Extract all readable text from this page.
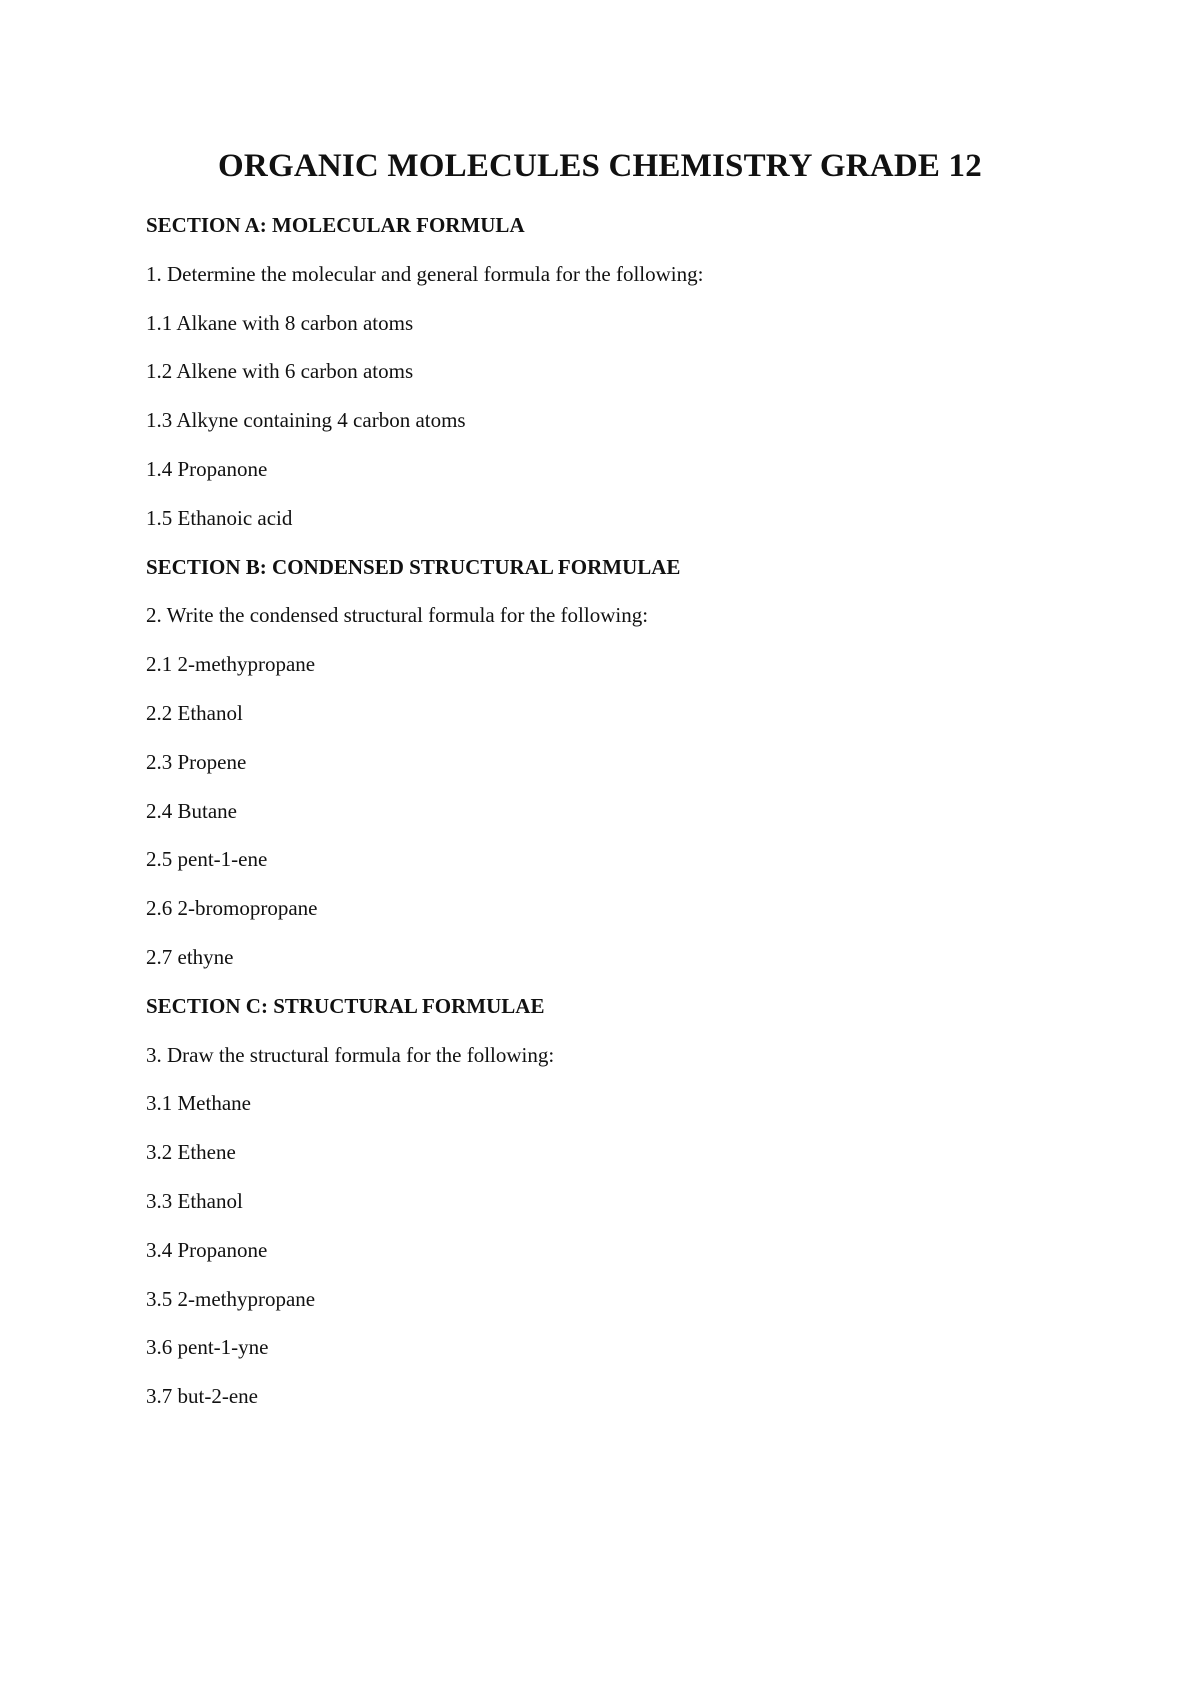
ORGANIC MOLECULES CHEMISTRY GRADE 12
SECTION A: MOLECULAR FORMULA
1. Determine the molecular and general formula for the following:
1.1 Alkane with 8 carbon atoms
1.2 Alkene with 6 carbon atoms
1.3 Alkyne containing 4 carbon atoms
1.4 Propanone
1.5 Ethanoic acid
SECTION B: CONDENSED STRUCTURAL FORMULAE
2. Write the condensed structural formula for the following:
2.1 2-methypropane
2.2 Ethanol
2.3 Propene
2.4 Butane
2.5 pent-1-ene
2.6 2-bromopropane
2.7 ethyne
SECTION C: STRUCTURAL FORMULAE
3. Draw the structural formula for the following:
3.1 Methane
3.2 Ethene
3.3 Ethanol
3.4 Propanone
3.5 2-methypropane
3.6 pent-1-yne
3.7 but-2-ene
